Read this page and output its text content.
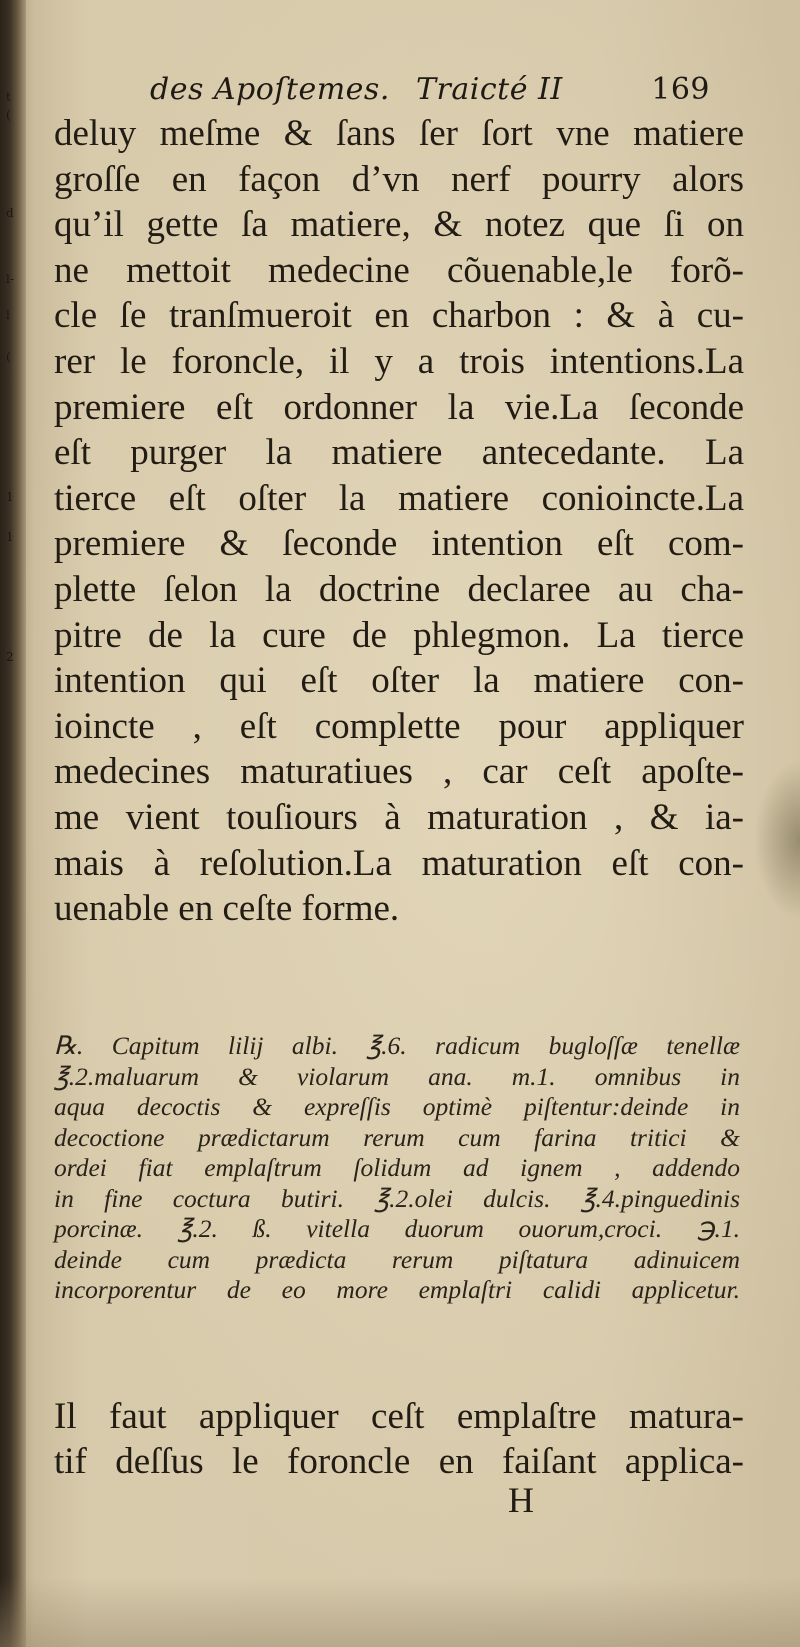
t
(
d
l-
l
(
1
1
2
des Apoſtemes. Traicté II	169
deluy meſme & ſans ſer ſort vne matiere
groſſe en façon d’vn nerf pourry alors
qu’il gette ſa matiere, & notez que ſi on
ne mettoit medecine cõuenable,le forõ-
cle ſe tranſmueroit en charbon : & à cu-
rer le foroncle, il y a trois intentions.La
premiere eſt ordonner la vie.La ſeconde
eſt purger la matiere antecedante. La
tierce eſt oſter la matiere conioincte.La
premiere & ſeconde intention eſt com-
plette ſelon la doctrine declaree au cha-
pitre de la cure de phlegmon. La tierce
intention qui eſt oſter la matiere con-
ioincte , eſt complette pour appliquer
medecines maturatiues , car ceſt apoſte-
me vient touſiours à maturation , & ia-
mais à reſolution.La maturation eſt con-
uenable en ceſte forme.
℞. Capitum lilij albi. ℥.6. radicum bugloſſæ tenellæ
℥.2.maluarum & violarum ana. m.1. omnibus in
aqua decoctis & expreſſis optimè piſtentur:deinde in
decoctione prædictarum rerum cum farina tritici &
ordei fiat emplaſtrum ſolidum ad ignem , addendo
in fine coctura butiri. ℥.2.olei dulcis. ℥.4.pinguedinis
porcinæ. ℥.2. ß. vitella duorum ouorum,croci. ℈.1.
deinde cum prædicta rerum piſtatura adinuicem
incorporentur de eo more emplaſtri calidi applicetur.
Il faut appliquer ceſt emplaſtre matura-
tif deſſus le foroncle en faiſant applica-
H
